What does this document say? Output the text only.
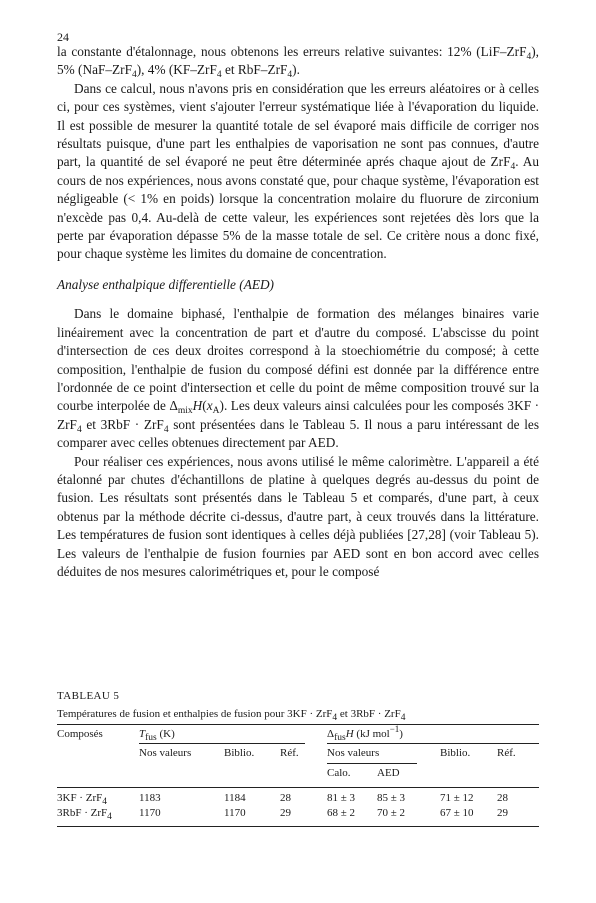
24

la constante d'étalonnage, nous obtenons les erreurs relative suivantes: 12% (LiF–ZrF$_4$), 5% (NaF–ZrF$_4$), 4% (KF–ZrF$_4$ et RbF–ZrF$_4$).

Dans ce calcul, nous n'avons pris en considération que les erreurs aléatoires or à celles ci, pour ces systèmes, vient s'ajouter l'erreur systématique liée à l'évaporation du liquide. Il est possible de mesurer la quantité totale de sel évaporé mais difficile de corriger nos résultats puisque, d'une part les enthalpies de vaporisation ne sont pas connues, d'autre part, la quantité de sel évaporé ne peut être déterminée aprés chaque ajout de ZrF$_4$. Au cours de nos expériences, nous avons constaté que, pour chaque système, l'évaporation est négligeable (< 1% en poids) lorsque la concentration molaire du fluorure de zirconium n'excède pas 0,4. Au-delà de cette valeur, les expériences sont rejetées dès lors que la perte par évaporation dépasse 5% de la masse totale de sel. Ce critère nous a donc fixé, pour chaque système les limites du domaine de concentration.

Analyse enthalpique differentielle (AED)

Dans le domaine biphasé, l'enthalpie de formation des mélanges binaires varie linéairement avec la concentration de part et d'autre du composé. L'abscisse du point d'intersection de ces deux droites correspond à la stoechiométrie du composé; à cette composition, l'enthalpie de fusion du composé défini est donnée par la différence entre l'ordonnée de ce point d'intersection et celle du point de même composition trouvé sur la courbe interpolée de $\Delta_{mix}H(x_A)$. Les deux valeurs ainsi calculées pour les composés 3KF · ZrF$_4$ et 3RbF · ZrF$_4$ sont présentées dans le Tableau 5. Il nous a paru intéressant de les comparer avec celles obtenues directement par AED.

Pour réaliser ces expériences, nous avons utilisé le même calorimètre. L'appareil a été étalonné par chutes d'échantillons de platine à quelques degrés au-dessus du point de fusion. Les résultats sont présentés dans le Tableau 5 et comparés, d'une part, à ceux obtenus par la méthode décrite ci-dessus, d'autre part, à ceux trouvés dans la littérature. Les températures de fusion sont identiques à celles déjà publiées [27,28] (voir Tableau 5). Les valeurs de l'enthalpie de fusion fournies par AED sont en bon accord avec celles déduites de nos mesures calorimétriques et, pour le composé

TABLEAU 5
Températures de fusion et enthalpies de fusion pour 3KF · ZrF4 et 3RbF · ZrF4
Composés	Tfus (K)	ΔfusH (kJ mol$^{-1}$)
Nos valeurs	Biblio. Réf.	Nos valeurs	Biblio. Réf.
Calo. AED
3KF · ZrF4	1183	1184	28	81 ± 3 85 ± 3	71 ± 12 28
3RbF · ZrF4 1170	1170	29	68 ± 2 70 ± 2	67 ± 10 29
